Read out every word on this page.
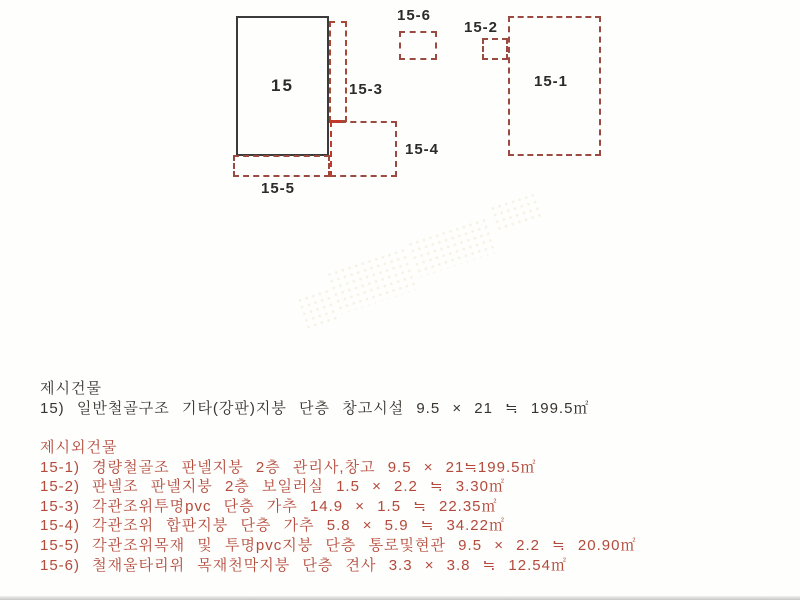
15	15-3
15-4
15-5
15-6
15-2
15-1
제시건물
15) 일반철골구조 기타(강판)지붕 단층 창고시설 9.5 × 21 ≒ 199.5㎡
제시외건물
15-1) 경량철골조 판넬지붕 2층 관리사,창고 9.5 × 21≒199.5㎡
15-2) 판넬조 판넬지붕 2층 보일러실 1.5 × 2.2 ≒ 3.30㎡
15-3) 각관조위투명pvc 단층 가추 14.9 × 1.5 ≒ 22.35㎡
15-4) 각관조위 합판지붕 단층 가추 5.8 × 5.9 ≒ 34.22㎡
15-5) 각관조위목재 및 투명pvc지붕 단층 통로및현관 9.5 × 2.2 ≒ 20.90㎡
15-6) 철재울타리위 목재천막지붕 단층 견사 3.3 × 3.8 ≒ 12.54㎡
